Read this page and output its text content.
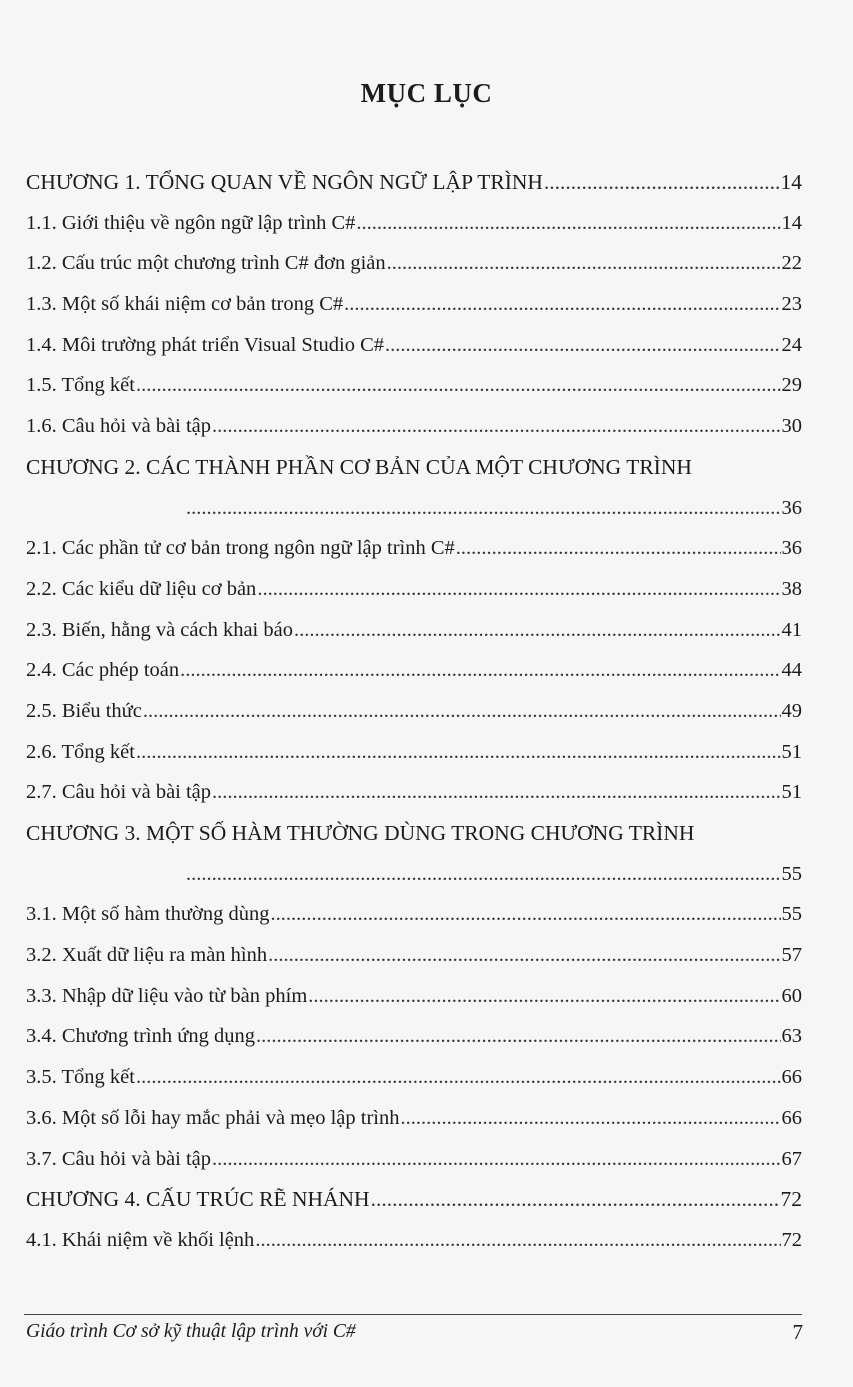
MỤC LỤC
CHƯƠNG 1. TỔNG QUAN VỀ NGÔN NGỮ LẬP TRÌNH .....	14
1.1. Giới thiệu về ngôn ngữ lập trình C# .....	14
1.2. Cấu trúc một chương trình C# đơn giản .....	22
1.3. Một số khái niệm cơ bản trong C# .....	23
1.4. Môi trường phát triển Visual Studio C# .....	24
1.5. Tổng kết .....	29
1.6. Câu hỏi và bài tập .....	30
CHƯƠNG 2. CÁC THÀNH PHẦN CƠ BẢN CỦA MỘT CHƯƠNG TRÌNH
.....
36
2.1. Các phần tử cơ bản trong ngôn ngữ lập trình C# .....	36
2.2. Các kiểu dữ liệu cơ bản .....	38
2.3. Biến, hằng và cách khai báo .....	41
2.4. Các phép toán .....	44
2.5. Biểu thức .....	49
2.6. Tổng kết .....	51
2.7. Câu hỏi và bài tập .....	51
CHƯƠNG 3. MỘT SỐ HÀM THƯỜNG DÙNG TRONG CHƯƠNG TRÌNH
.....
55
3.1. Một số hàm thường dùng .....	55
3.2. Xuất dữ liệu ra màn hình .....	57
3.3. Nhập dữ liệu vào từ bàn phím .....	60
3.4. Chương trình ứng dụng .....	63
3.5. Tổng kết .....	66
3.6. Một số lỗi hay mắc phải và mẹo lập trình .....	66
3.7. Câu hỏi và bài tập .....	67
CHƯƠNG 4. CẤU TRÚC RẼ NHÁNH .....	72
4.1. Khái niệm về khối lệnh .....	72
Giáo trình Cơ sở kỹ thuật lập trình với C#	7
